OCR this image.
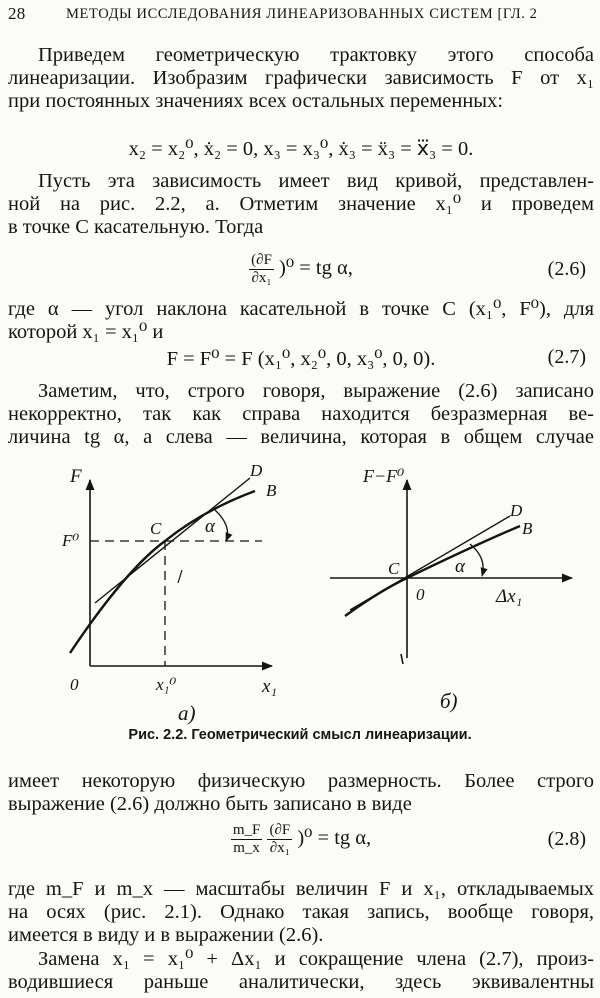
28	МЕТОДЫ ИССЛЕДОВАНИЯ ЛИНЕАРИЗОВАННЫХ СИСТЕМ [ГЛ. 2
Приведем геометрическую трактовку этого способа
линеаризации. Изобразим графически зависимость F от x₁
при постоянных значениях всех остальных переменных:
x₂ = x₂⁰, ẋ₂ = 0, x₃ = x₃⁰, ẋ₃ = ẍ₃ = x⃛₃ = 0.
Пусть эта зависимость имеет вид кривой, представлен-
ной на рис. 2.2, а. Отметим значение x₁⁰ и проведем
в точке C касательную. Тогда
$\frac{(\partial F}{\text{∂x₁}} )^0$ = tg α,	(2.6)
где α — угол наклона касательной в точке C (x₁⁰, F⁰), для
которой x₁ = x₁⁰ и
F = F⁰ = F (x₁⁰, x₂⁰, 0, x₃⁰, 0, 0).	(2.7)
Заметим, что, строго говоря, выражение (2.6) записано
некорректно, так как справа находится безразмерная ве-
личина tg α, а слева — величина, которая в общем случае
F
x₁
F⁰
x₁⁰
C
0
α
B
D
а)
F−F⁰
Δx₁
C
0
α
B
D
б)
Рис. 2.2. Геометрический смысл линеаризации.
имеет некоторую физическую размерность. Более строго
выражение (2.6) должно быть записано в виде
$\frac{m\_F}{m\_x}$
$\frac{(\partial F}{\text{∂x₁}} )^0$ = tg α,	(2.8)
где m_F и m_x — масштабы величин F и x₁, откладываемых
на осях (рис. 2.1). Однако такая запись, вообще говоря,
имеется в виду и в выражении (2.6).
Замена x₁ = x₁⁰ + Δx₁ и сокращение члена (2.7), произ-
водившиеся раньше аналитически, здесь эквивалентны
